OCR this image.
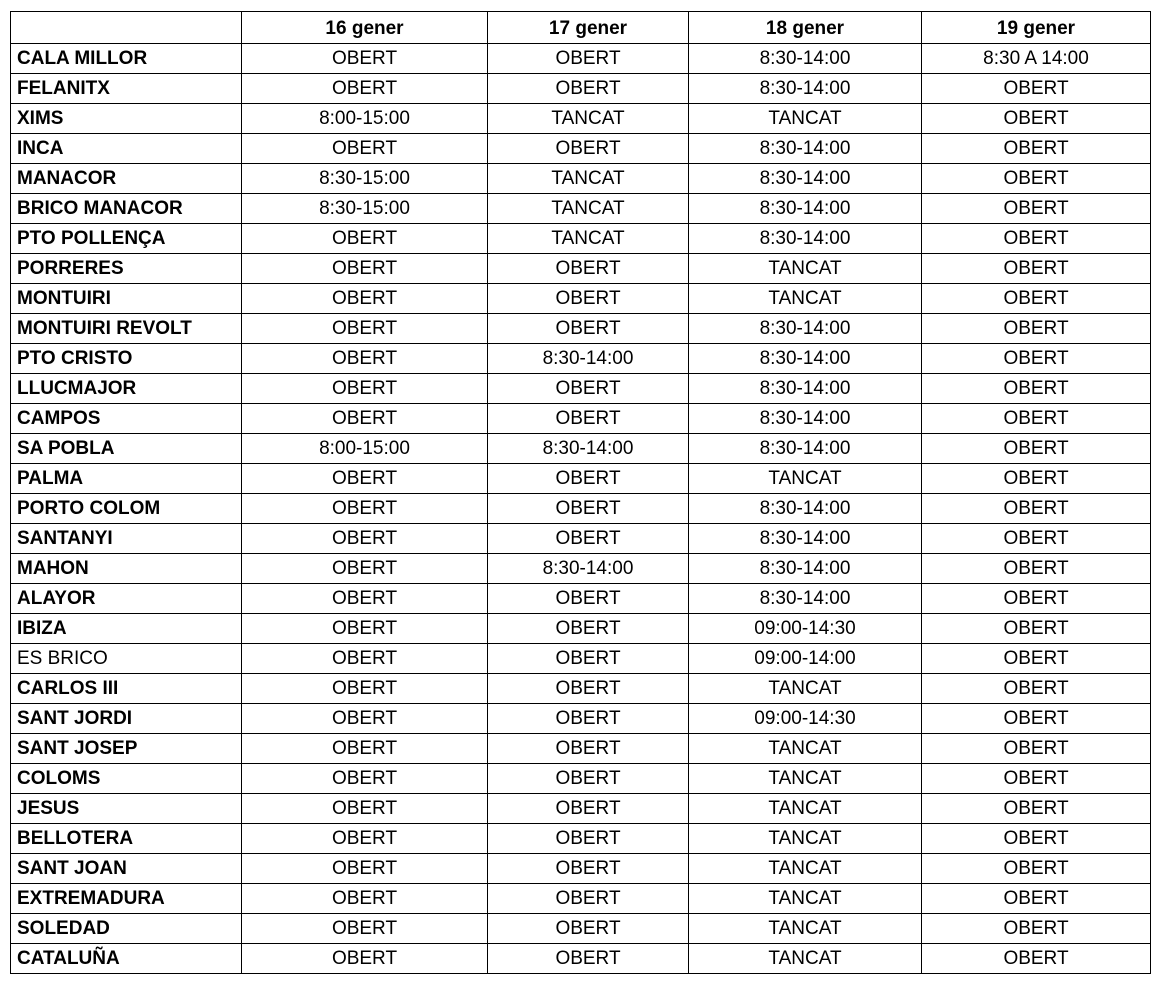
	16 gener	17 gener	18 gener	19 gener
CALA MILLOR	OBERT	OBERT	8:30-14:00	8:30 A 14:00
FELANITX	OBERT	OBERT	8:30-14:00	OBERT
XIMS	8:00-15:00	TANCAT	TANCAT	OBERT
INCA	OBERT	OBERT	8:30-14:00	OBERT
MANACOR	8:30-15:00	TANCAT	8:30-14:00	OBERT
BRICO MANACOR	8:30-15:00	TANCAT	8:30-14:00	OBERT
PTO POLLENÇA	OBERT	TANCAT	8:30-14:00	OBERT
PORRERES	OBERT	OBERT	TANCAT	OBERT
MONTUIRI	OBERT	OBERT	TANCAT	OBERT
MONTUIRI REVOLT	OBERT	OBERT	8:30-14:00	OBERT
PTO CRISTO	OBERT	8:30-14:00	8:30-14:00	OBERT
LLUCMAJOR	OBERT	OBERT	8:30-14:00	OBERT
CAMPOS	OBERT	OBERT	8:30-14:00	OBERT
SA POBLA	8:00-15:00	8:30-14:00	8:30-14:00	OBERT
PALMA	OBERT	OBERT	TANCAT	OBERT
PORTO COLOM	OBERT	OBERT	8:30-14:00	OBERT
SANTANYI	OBERT	OBERT	8:30-14:00	OBERT
MAHON	OBERT	8:30-14:00	8:30-14:00	OBERT
ALAYOR	OBERT	OBERT	8:30-14:00	OBERT
IBIZA	OBERT	OBERT	09:00-14:30	OBERT
ES BRICO	OBERT	OBERT	09:00-14:00	OBERT
CARLOS III	OBERT	OBERT	TANCAT	OBERT
SANT JORDI	OBERT	OBERT	09:00-14:30	OBERT
SANT JOSEP	OBERT	OBERT	TANCAT	OBERT
COLOMS	OBERT	OBERT	TANCAT	OBERT
JESUS	OBERT	OBERT	TANCAT	OBERT
BELLOTERA	OBERT	OBERT	TANCAT	OBERT
SANT JOAN	OBERT	OBERT	TANCAT	OBERT
EXTREMADURA	OBERT	OBERT	TANCAT	OBERT
SOLEDAD	OBERT	OBERT	TANCAT	OBERT
CATALUÑA	OBERT	OBERT	TANCAT	OBERT
